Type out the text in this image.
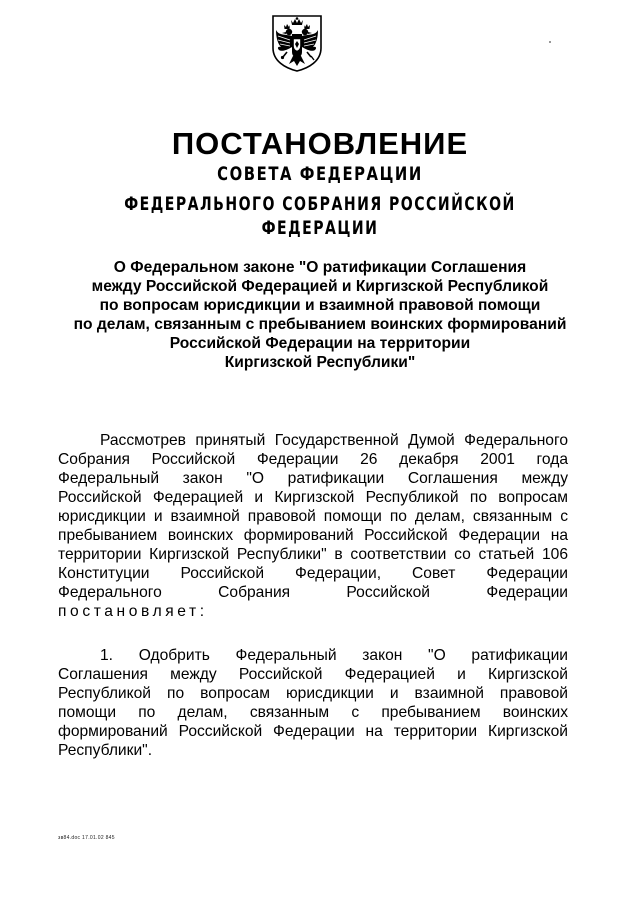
ПОСТАНОВЛЕНИЕ
СОВЕТА ФЕДЕРАЦИИ
ФЕДЕРАЛЬНОГО СОБРАНИЯ РОССИЙСКОЙ ФЕДЕРАЦИИ
О Федеральном законе "О ратификации Соглашения
между Российской Федерацией и Киргизской Республикой
по вопросам юрисдикции и взаимной правовой помощи
по делам, связанным с пребыванием воинских формирований
Российской Федерации на территории
Киргизской Республики"
Рассмотрев принятый Государственной Думой Федерального
Собрания Российской Федерации 26 декабря 2001 года
Федеральный закон "О ратификации Соглашения между
Российской Федерацией и Киргизской Республикой по вопросам
юрисдикции и взаимной правовой помощи по делам, связанным с
пребыванием воинских формирований Российской Федерации на
территории Киргизской Республики" в соответствии со статьей 106
Конституции Российской Федерации, Совет Федерации
Федерального Собрания Российской Федерации
постановляет:
1. Одобрить Федеральный закон "О ратификации
Соглашения между Российской Федерацией и Киргизской
Республикой по вопросам юрисдикции и взаимной правовой
помощи по делам, связанным с пребыванием воинских
формирований Российской Федерации на территории Киргизской
Республики".
зв84.doc 17.01.02 845
